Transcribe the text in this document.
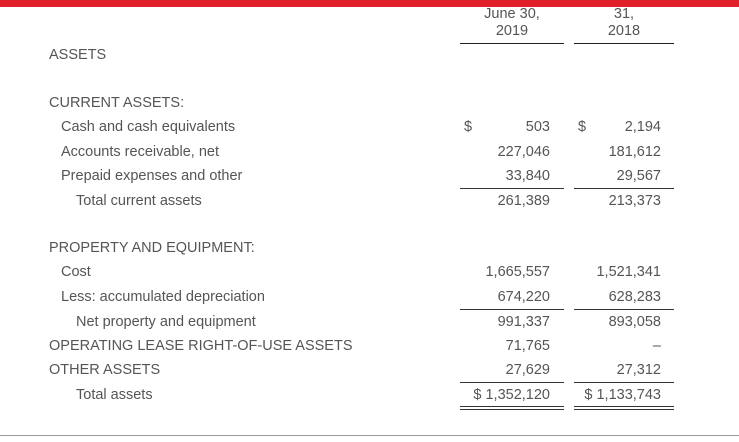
June 30,
2019
31,
2018
ASSETS
CURRENT ASSETS:
Cash and cash equivalents
Accounts receivable, net
Prepaid expenses and other
Total current assets
PROPERTY AND EQUIPMENT:
Cost
Less: accumulated depreciation
Net property and equipment
OPERATING LEASE RIGHT-OF-USE ASSETS
OTHER ASSETS
Total assets
$	$
503
227,046
33,840
261,389
1,665,557
674,220
991,337
71,765
27,629
$ 1,352,120
2,194
181,612
29,567
213,373
1,521,341
628,283
893,058
–
27,312
$ 1,133,743
